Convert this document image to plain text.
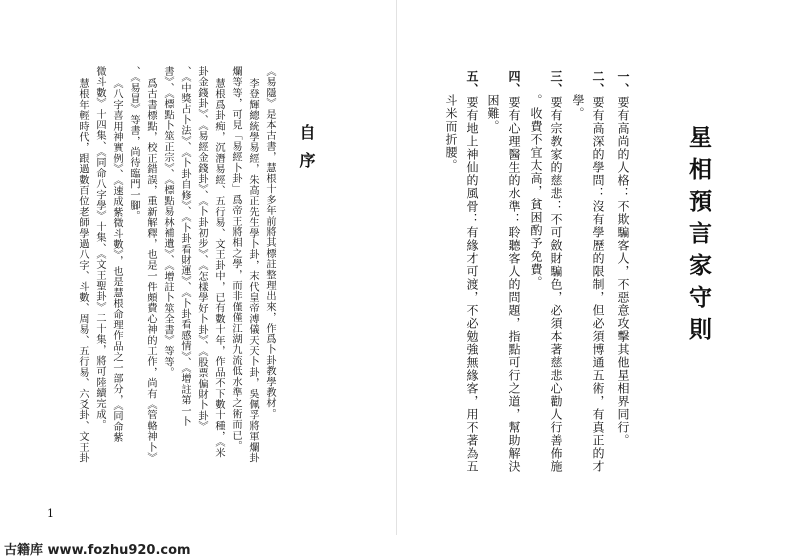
星相預言家守則
一、要有高尚的人格：不欺騙客人，不惡意攻擊其他星相界同行。
二、要有高深的學問：沒有學歷的限制，但必須博通五術，有真正的才
學。
三、要有宗教家的慈悲：不可斂財騙色，必須本著慈悲心勸人行善佈施
。收費不宜太高，貧困酌予免費。
四、要有心理醫生的水準：聆聽客人的問題，指點可行之道，幫助解決
困難。
五、要有地上神仙的風骨：有緣才可渡，不必勉強無緣客，用不著為五
斗米而折腰。
自序
《易隱》是本古書，慧根十多年前將其標註整理出來，作爲卜卦教學教材。
李登輝總統學易經，朱高正先生學卜卦，末代皇帝溥儀天天卜卦，吳佩孚將軍爛卦
爛等等，可見「易經卜卦」爲帝王將相之學，而非僅僅江湖九流低水準之術而已。
慧根爲卦痴，沉潛易經、五行易、文王卦中，已有數十年，作品不下數十種，《米
卦金錢卦》、《易經金錢卦》、《卜卦初步》、《怎樣學好卜卦》、《股票偏財卜卦》
、《中獎占卜法》、《卜卦自修》、《卜卦看財運》、《卜卦看感情》、《增註第一卜
書》、《標點卜筮正宗》、《標點易林補遺》、《增註卜筮全書》等等。
爲古書標點，校正錯誤，重新解釋，也是一件頗費心神的工作，尚有《管輅神卜》
、《易冒》等書，尚待臨門一腳。
《八字喜用神實例》、《速成紫微斗數》，也是慧根命理作品之一部分，《同命紫
微斗數》十四集、《同命八字學》十集、《文王聖卦》二十集，將可陸續完成。
慧根年輕時代，跟過數百位老師學過八字、斗數、周易、五行易、六爻卦、文王卦
1
古籍库 www.fozhu920.com
